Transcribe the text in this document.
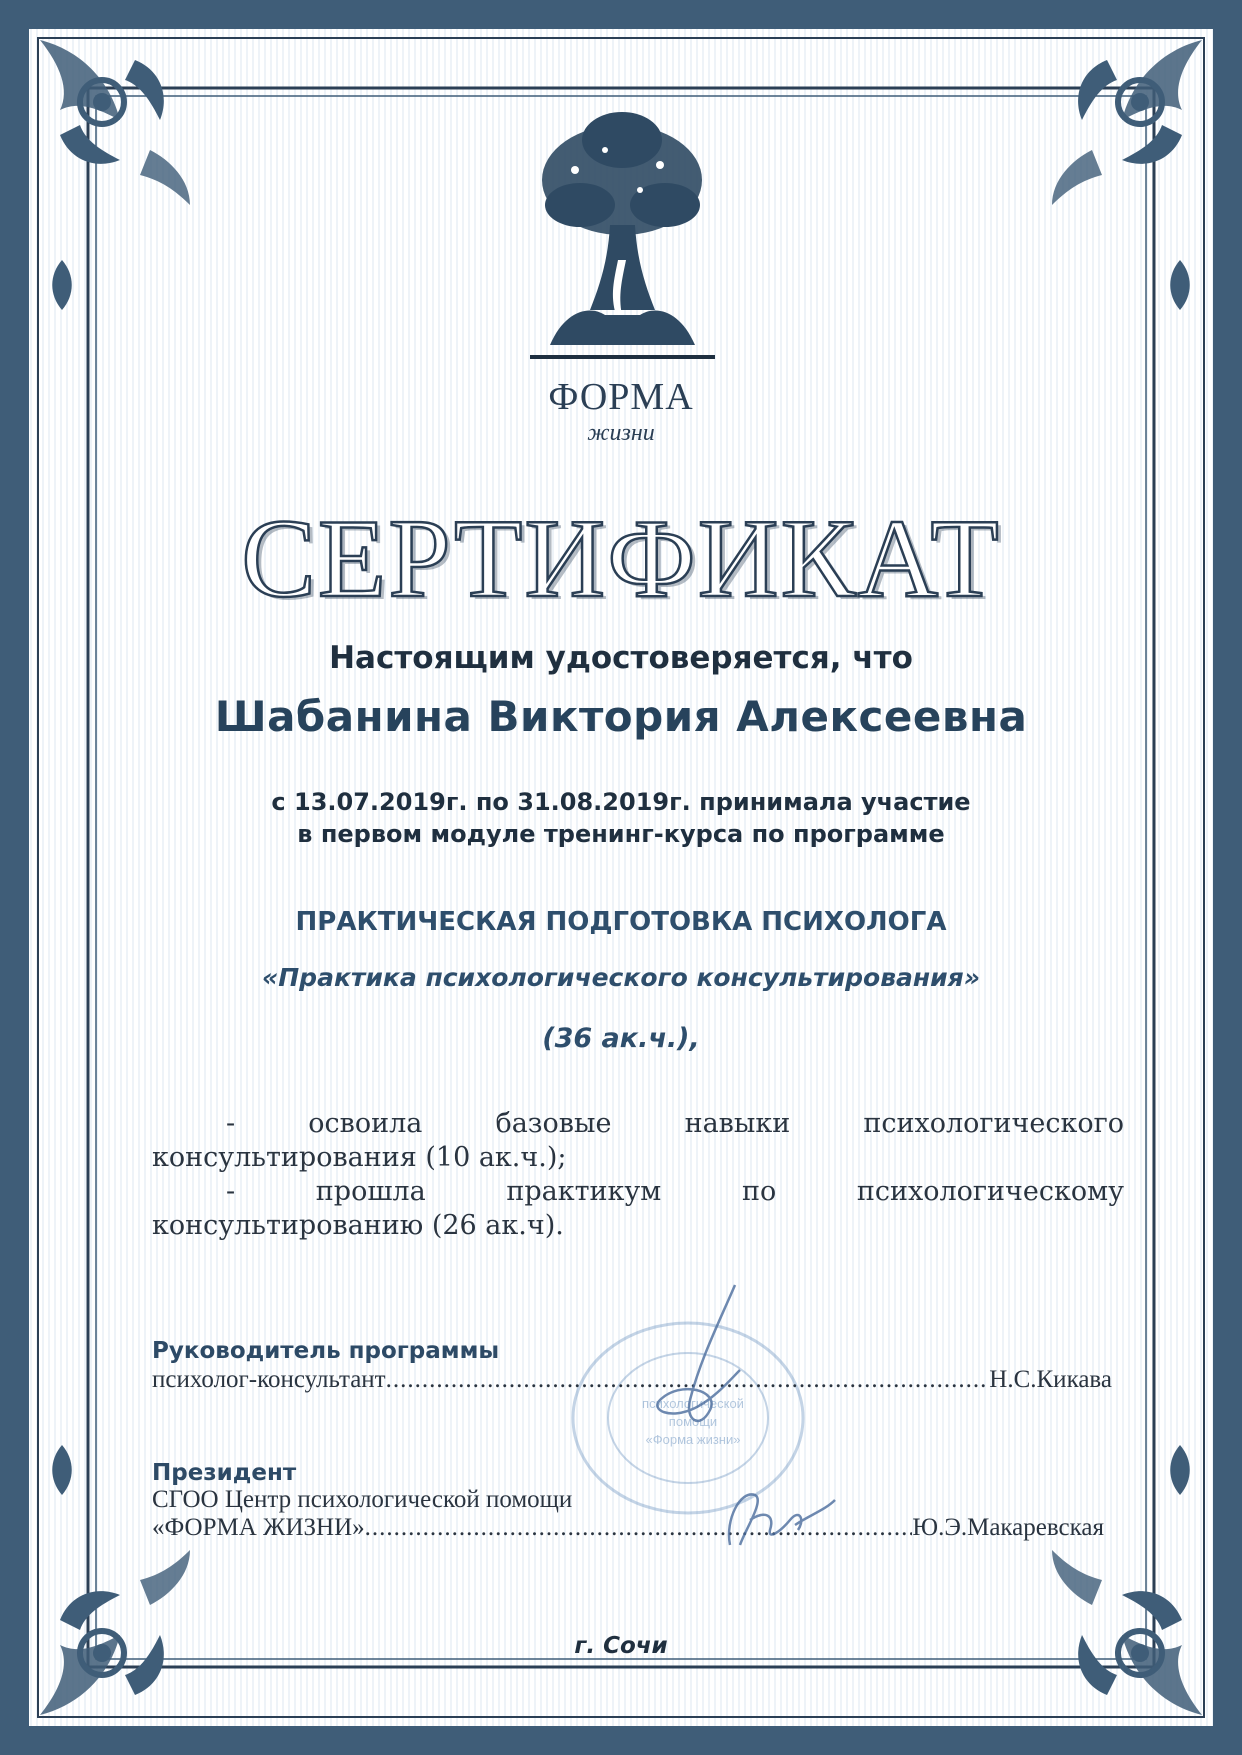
ФОРМА
жизни
СЕРТИФИКАТ
Настоящим удостоверяется, что
Шабанина Виктория Алексеевна
с 13.07.2019г. по 31.08.2019г. принимала участие
в первом модуле тренинг-курса по программе
ПРАКТИЧЕСКАЯ ПОДГОТОВКА ПСИХОЛОГА
«Практика психологического консультирования»
(36 ак.ч.),

- освоила базовые навыки психологического

консультирования (10 ак.ч.);

- прошла практикум по психологическому

консультированию (26 ак.ч).

психологической
помощи
«Форма жизни»
Руководитель программы
психолог-консультант .....	Н.С.Кикава
Президент
СГОО Центр психологической помощи
«ФОРМА ЖИЗНИ» .....	Ю.Э.Макаревская
г. Сочи
